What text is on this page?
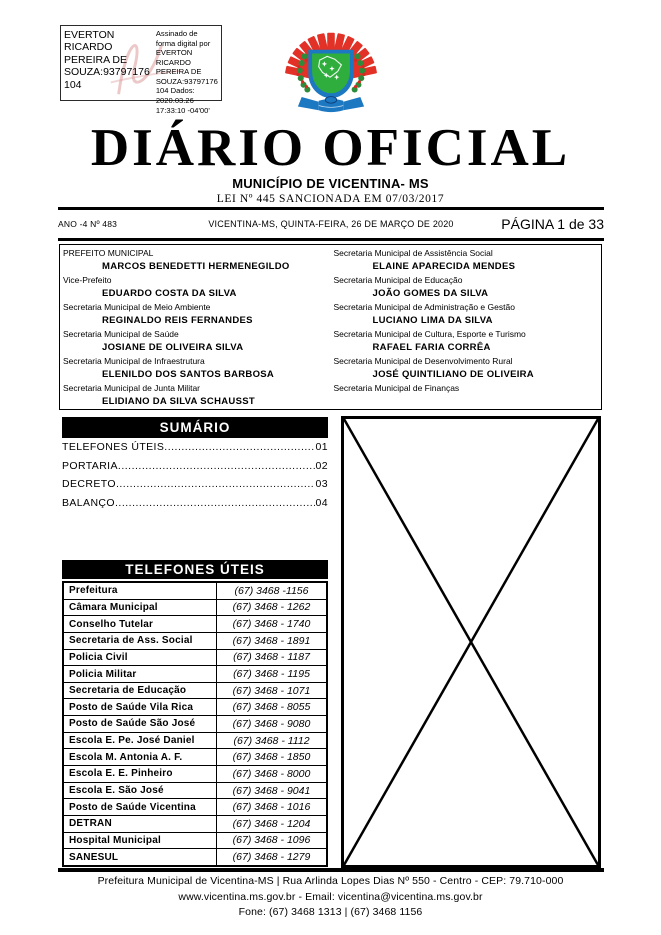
EVERTON RICARDO PEREIRA DE SOUZA:93797176104
Assinado de forma digital por EVERTON RICARDO PEREIRA DE SOUZA:93797176104 Dados: 2020.03.26 17:33:10 -04'00'
DIÁRIO OFICIAL
MUNICÍPIO DE VICENTINA- MS
LEI Nº 445 SANCIONADA EM 07/03/2017
ANO -4 Nº 483	VICENTINA-MS, QUINTA-FEIRA, 26 DE MARÇO DE 2020	PÁGINA 1 de 33
PREFEITO MUNICIPAL
MARCOS BENEDETTI HERMENEGILDO
Vice-Prefeito
EDUARDO COSTA DA SILVA
Secretaria Municipal de Meio Ambiente
REGINALDO REIS FERNANDES
Secretaria Municipal de Saúde
JOSIANE DE OLIVEIRA SILVA
Secretaria Municipal de Infraestrutura
ELENILDO DOS SANTOS BARBOSA
Secretaria Municipal de Junta Militar
ELIDIANO DA SILVA SCHAUSST
Secretaria Municipal de Assistência Social
ELAINE APARECIDA MENDES
Secretaria Municipal de Educação
JOÃO GOMES DA SILVA
Secretaria Municipal de Administração e Gestão
LUCIANO LIMA DA SILVA
Secretaria Municipal de Cultura, Esporte e Turismo
RAFAEL FARIA CORRÊA
Secretaria Municipal de Desenvolvimento Rural
JOSÉ QUINTILIANO DE OLIVEIRA
Secretaria Municipal de Finanças
SUMÁRIO
TELEFONES ÚTEIS .....	01
PORTARIA .....	02
DECRETO .....	03
BALANÇO .....	04
TELEFONES ÚTEIS
Prefeitura	(67) 3468 -1156
Câmara Municipal	(67) 3468 - 1262
Conselho Tutelar	(67) 3468 - 1740
Secretaria de Ass. Social	(67) 3468 - 1891
Policia Civil	(67) 3468 - 1187
Policia Militar	(67) 3468 - 1195
Secretaria de Educação	(67) 3468 - 1071
Posto de Saúde Vila Rica	(67) 3468 - 8055
Posto de Saúde São José	(67) 3468 - 9080
Escola E. Pe. José Daniel	(67) 3468 - 1112
Escola M. Antonia A. F.	(67) 3468 - 1850
Escola E. E. Pinheiro	(67) 3468 - 8000
Escola E. São José	(67) 3468 - 9041
Posto de Saúde Vicentina	(67) 3468 - 1016
DETRAN	(67) 3468 - 1204
Hospital Municipal	(67) 3468 - 1096
SANESUL	(67) 3468 - 1279
Prefeitura Municipal de Vicentina-MS | Rua Arlinda Lopes Dias Nº 550 - Centro - CEP: 79.710-000
www.vicentina.ms.gov.br - Email: vicentina@vicentina.ms.gov.br
Fone: (67) 3468 1313 | (67) 3468 1156
